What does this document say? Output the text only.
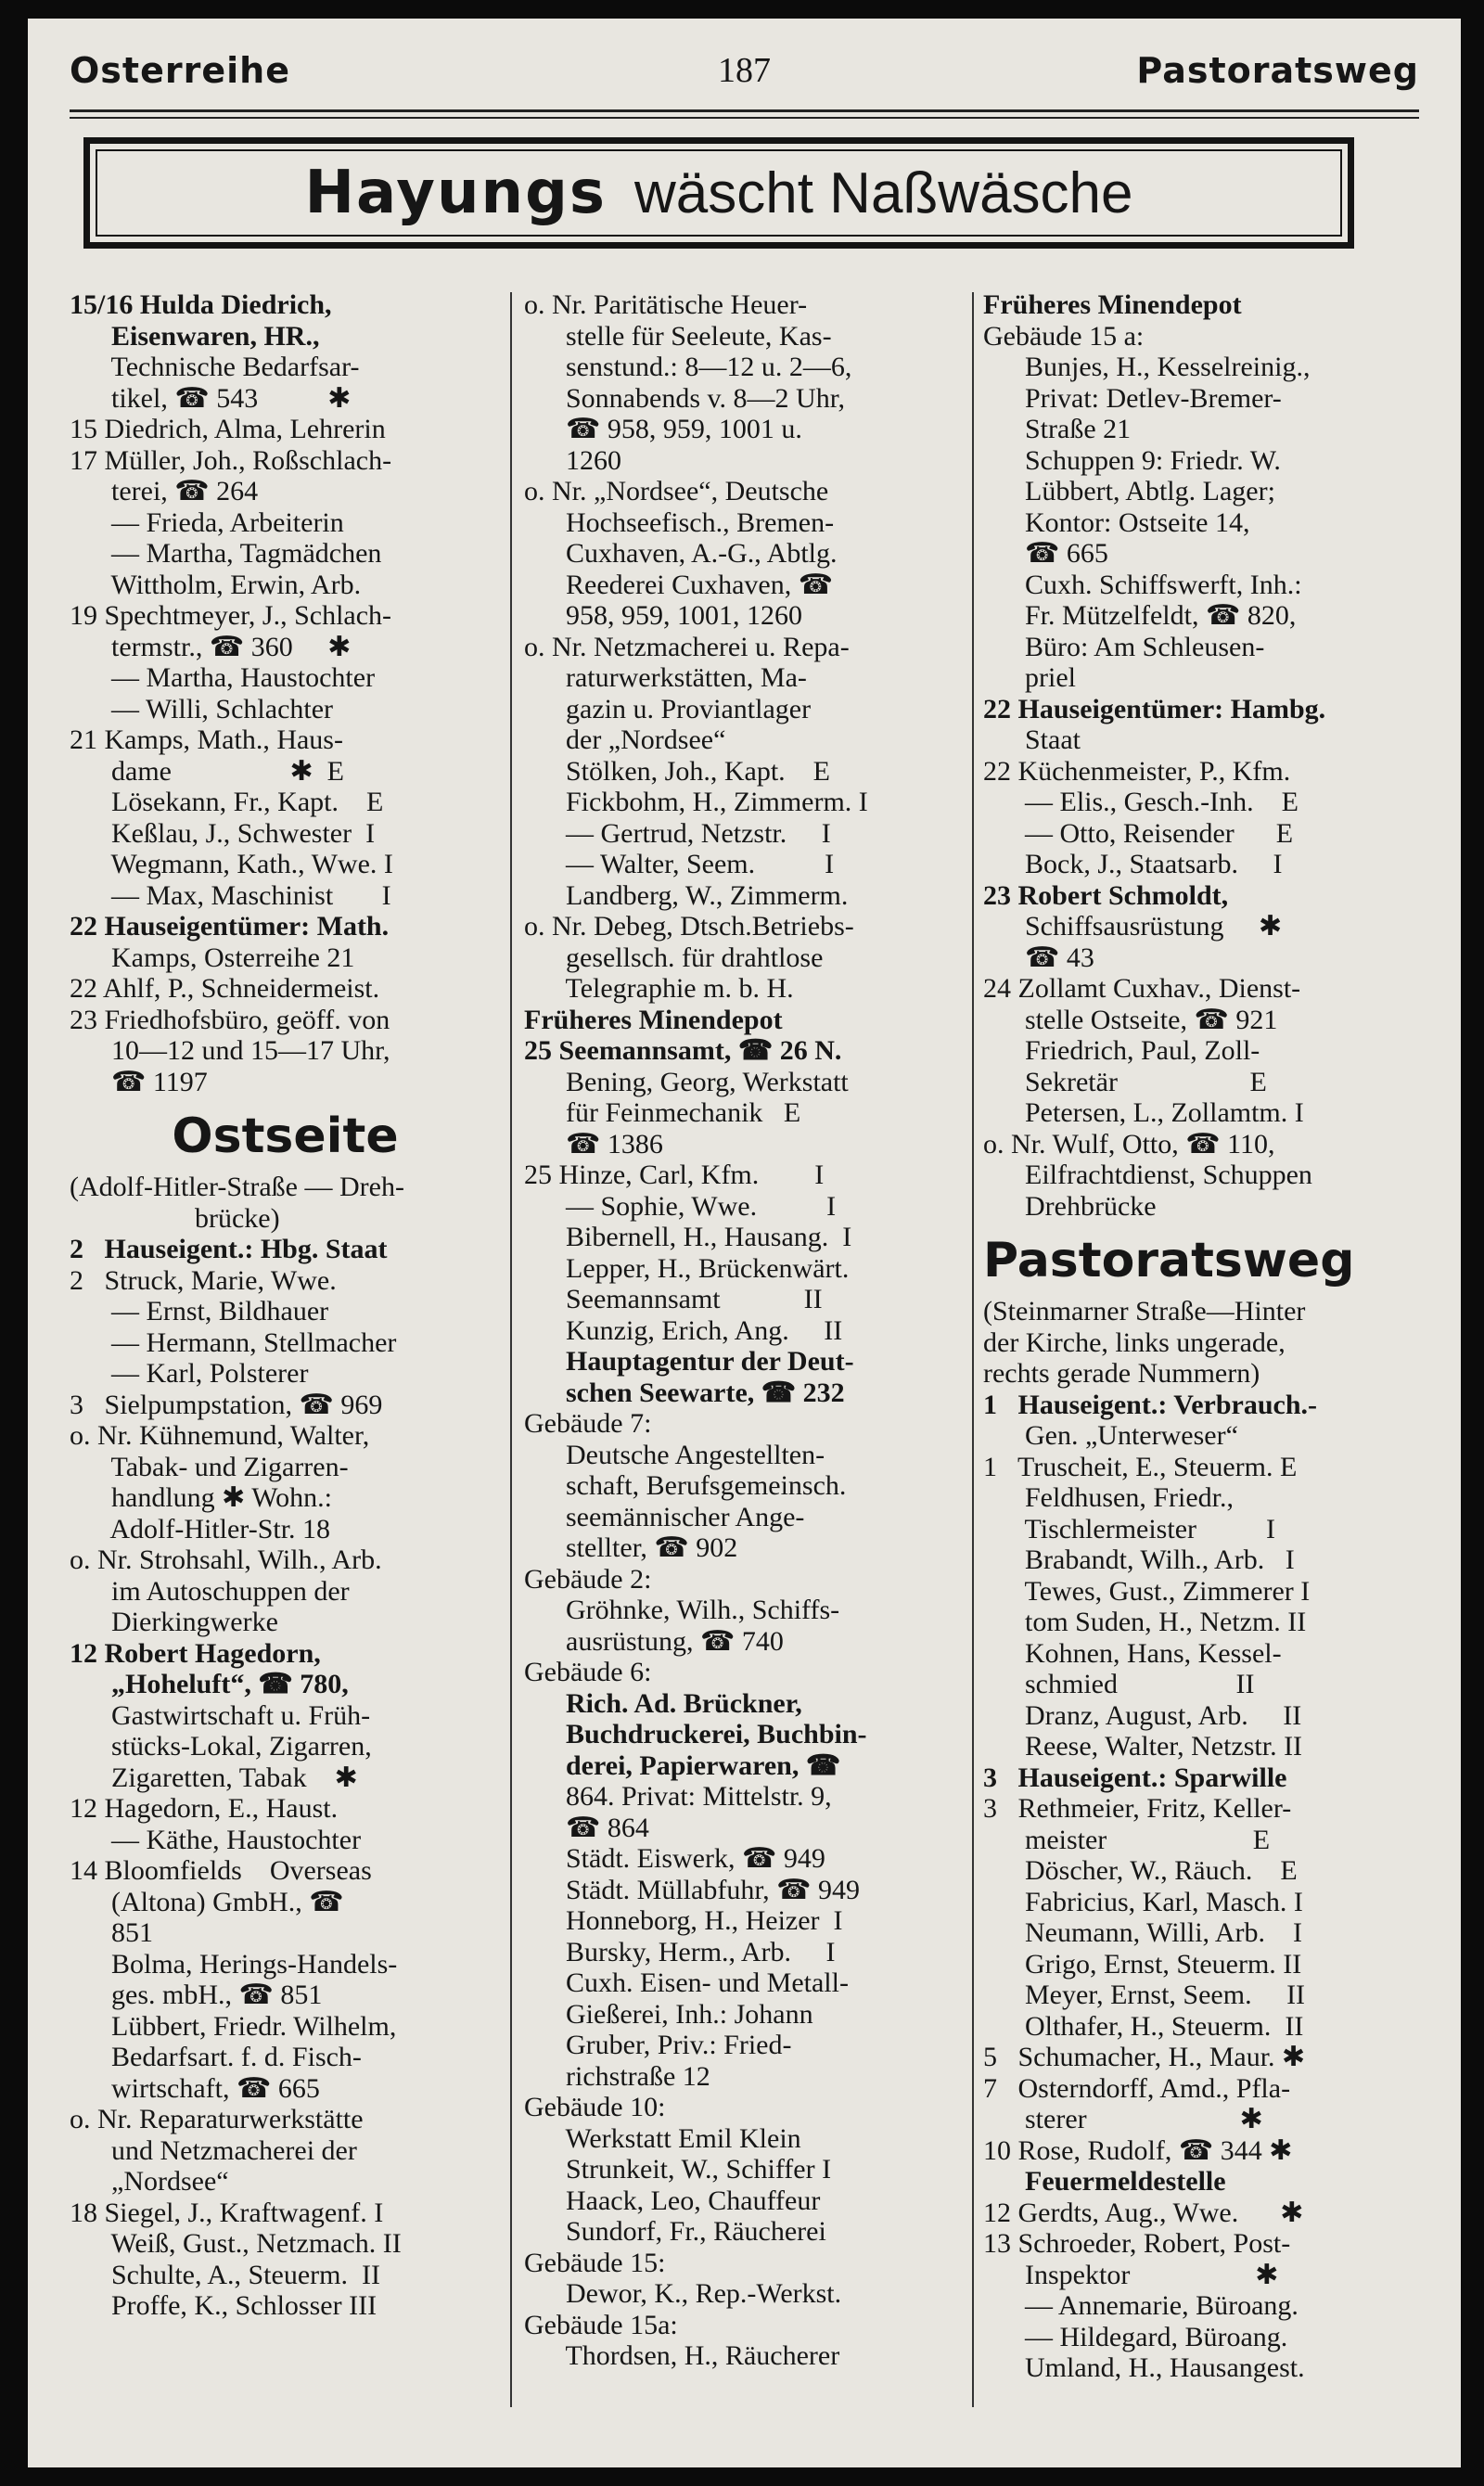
Osterreihe	187	Pastoratsweg
Hayungs wäscht Naßwäsche
15/16 Hulda Diedrich,
Eisenwaren, HR.,
Technische Bedarfsar-
tikel, ☎ 543          ✱
15 Diedrich, Alma, Lehrerin
17 Müller, Joh., Roßschlach-
terei, ☎ 264
— Frieda, Arbeiterin
— Martha, Tagmädchen
Wittholm, Erwin, Arb.
19 Spechtmeyer, J., Schlach-
termstr., ☎ 360     ✱
— Martha, Haustochter
— Willi, Schlachter
21 Kamps, Math., Haus-
dame                 ✱  E
Lösekann, Fr., Kapt.    E
Keßlau, J., Schwester  I
Wegmann, Kath., Wwe. I
— Max, Maschinist       I
22 Hauseigentümer: Math.
Kamps, Osterreihe 21
22 Ahlf, P., Schneidermeist.
23 Friedhofsbüro, geöff. von
10—12 und 15—17 Uhr,
☎ 1197
Ostseite
(Adolf-Hitler-Straße — Dreh-
brücke)
2   Hauseigent.: Hbg. Staat
2   Struck, Marie, Wwe.
— Ernst, Bildhauer
— Hermann, Stellmacher
— Karl, Polsterer
3   Sielpumpstation, ☎ 969
o. Nr. Kühnemund, Walter,
Tabak- und Zigarren-
handlung ✱ Wohn.:
Adolf-Hitler-Str. 18
o. Nr. Strohsahl, Wilh., Arb.
im Autoschuppen der
Dierkingwerke
12 Robert Hagedorn,
„Hoheluft“, ☎ 780,
Gastwirtschaft u. Früh-
stücks-Lokal, Zigarren,
Zigaretten, Tabak    ✱
12 Hagedorn, E., Haust.
— Käthe, Haustochter
14 Bloomfields    Overseas
(Altona) GmbH., ☎
851
Bolma, Herings-Handels-
ges. mbH., ☎ 851
Lübbert, Friedr. Wilhelm,
Bedarfsart. f. d. Fisch-
wirtschaft, ☎ 665
o. Nr. Reparaturwerkstätte
und Netzmacherei der
„Nordsee“
18 Siegel, J., Kraftwagenf. I
Weiß, Gust., Netzmach. II
Schulte, A., Steuerm.  II
Proffe, K., Schlosser III
o. Nr. Paritätische Heuer-
stelle für Seeleute, Kas-
senstund.: 8—12 u. 2—6,
Sonnabends v. 8—2 Uhr,
☎ 958, 959, 1001 u.
1260
o. Nr. „Nordsee“, Deutsche
Hochseefisch., Bremen-
Cuxhaven, A.-G., Abtlg.
Reederei Cuxhaven, ☎
958, 959, 1001, 1260
o. Nr. Netzmacherei u. Repa-
raturwerkstätten, Ma-
gazin u. Proviantlager
der „Nordsee“
Stölken, Joh., Kapt.    E
Fickbohm, H., Zimmerm. I
— Gertrud, Netzstr.     I
— Walter, Seem.          I
Landberg, W., Zimmerm.
o. Nr. Debeg, Dtsch.Betriebs-
gesellsch. für drahtlose
Telegraphie m. b. H.
Früheres Minendepot
25 Seemannsamt, ☎ 26 N.
Bening, Georg, Werkstatt
für Feinmechanik   E
☎ 1386
25 Hinze, Carl, Kfm.        I
— Sophie, Wwe.          I
Bibernell, H., Hausang.  I
Lepper, H., Brückenwärt.
Seemannsamt            II
Kunzig, Erich, Ang.     II
Hauptagentur der Deut-
schen Seewarte, ☎ 232
Gebäude 7:
Deutsche Angestellten-
schaft, Berufsgemeinsch.
seemännischer Ange-
stellter, ☎ 902
Gebäude 2:
Gröhnke, Wilh., Schiffs-
ausrüstung, ☎ 740
Gebäude 6:
Rich. Ad. Brückner,
Buchdruckerei, Buchbin-
derei, Papierwaren, ☎
864. Privat: Mittelstr. 9,
☎ 864
Städt. Eiswerk, ☎ 949
Städt. Müllabfuhr, ☎ 949
Honneborg, H., Heizer  I
Bursky, Herm., Arb.     I
Cuxh. Eisen- und Metall-
Gießerei, Inh.: Johann
Gruber, Priv.: Fried-
richstraße 12
Gebäude 10:
Werkstatt Emil Klein
Strunkeit, W., Schiffer I
Haack, Leo, Chauffeur
Sundorf, Fr., Räucherei
Gebäude 15:
Dewor, K., Rep.-Werkst.
Gebäude 15a:
Thordsen, H., Räucherer
Früheres Minendepot
Gebäude 15 a:
Bunjes, H., Kesselreinig.,
Privat: Detlev-Bremer-
Straße 21
Schuppen 9: Friedr. W.
Lübbert, Abtlg. Lager;
Kontor: Ostseite 14,
☎ 665
Cuxh. Schiffswerft, Inh.:
Fr. Mützelfeldt, ☎ 820,
Büro: Am Schleusen-
priel
22 Hauseigentümer: Hambg.
Staat
22 Küchenmeister, P., Kfm.
— Elis., Gesch.-Inh.    E
— Otto, Reisender      E
Bock, J., Staatsarb.     I
23 Robert Schmoldt,
Schiffsausrüstung     ✱
☎ 43
24 Zollamt Cuxhav., Dienst-
stelle Ostseite, ☎ 921
Friedrich, Paul, Zoll-
Sekretär                   E
Petersen, L., Zollamtm. I
o. Nr. Wulf, Otto, ☎ 110,
Eilfrachtdienst, Schuppen
Drehbrücke
Pastoratsweg
(Steinmarner Straße—Hinter
der Kirche, links ungerade,
rechts gerade Nummern)
1   Hauseigent.: Verbrauch.-
Gen. „Unterweser“
1   Truscheit, E., Steuerm. E
Feldhusen, Friedr.,
Tischlermeister          I
Brabandt, Wilh., Arb.   I
Tewes, Gust., Zimmerer I
tom Suden, H., Netzm. II
Kohnen, Hans, Kessel-
schmied                 II
Dranz, August, Arb.     II
Reese, Walter, Netzstr. II
3   Hauseigent.: Sparwille
3   Rethmeier, Fritz, Keller-
meister                     E
Döscher, W., Räuch.    E
Fabricius, Karl, Masch. I
Neumann, Willi, Arb.    I
Grigo, Ernst, Steuerm. II
Meyer, Ernst, Seem.     II
Olthafer, H., Steuerm.  II
5   Schumacher, H., Maur. ✱
7   Osterndorff, Amd., Pfla-
sterer                      ✱
10 Rose, Rudolf, ☎ 344 ✱
Feuermeldestelle
12 Gerdts, Aug., Wwe.      ✱
13 Schroeder, Robert, Post-
Inspektor                  ✱
— Annemarie, Büroang.
— Hildegard, Büroang.
Umland, H., Hausangest.
